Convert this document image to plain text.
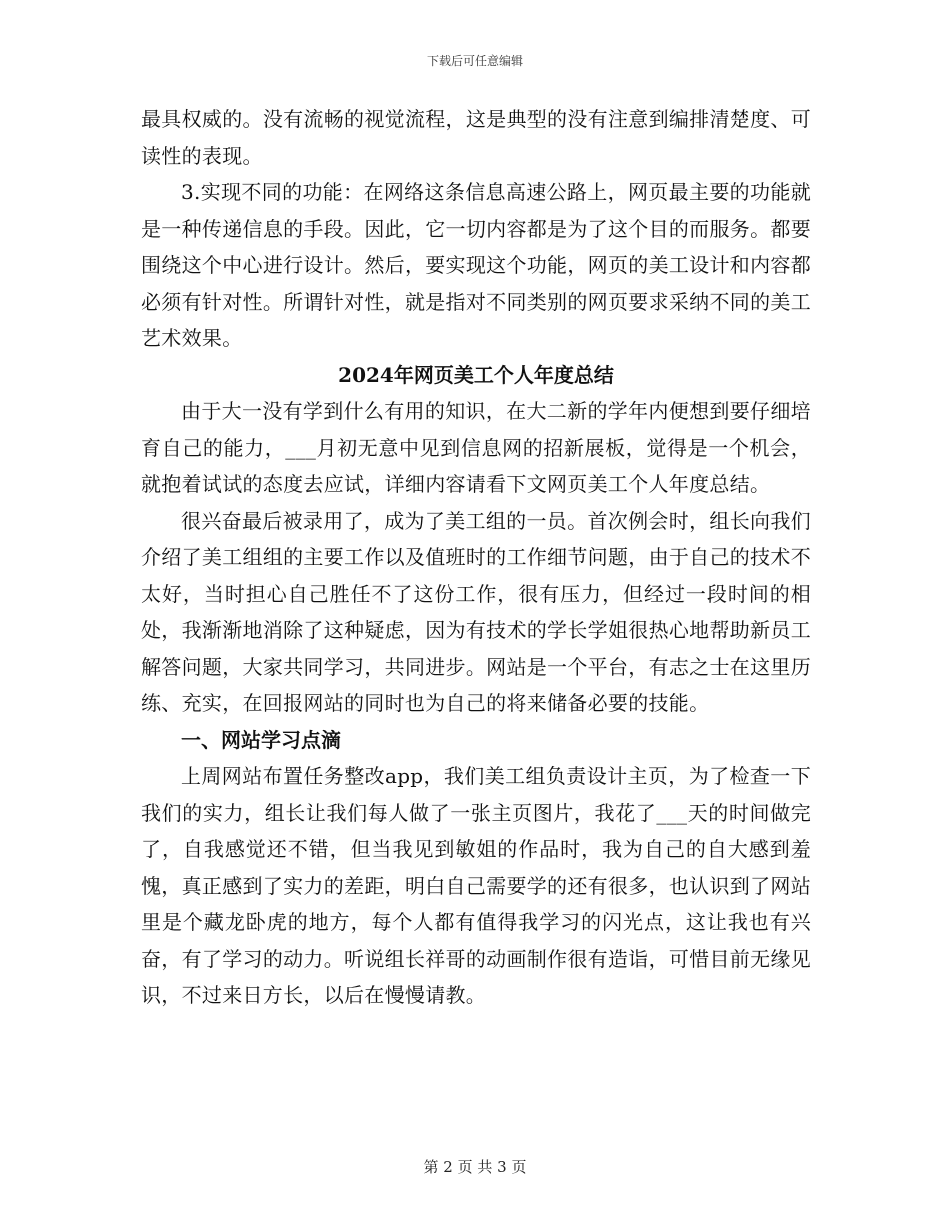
下载后可任意编辑

最具权威的。没有流畅的视觉流程，这是典型的没有注意到编排清楚度、可读性的表现。

3.实现不同的功能：在网络这条信息高速公路上，网页最主要的功能就是一种传递信息的手段。因此，它一切内容都是为了这个目的而服务。都要围绕这个中心进行设计。然后，要实现这个功能，网页的美工设计和内容都必须有针对性。所谓针对性，就是指对不同类别的网页要求采纳不同的美工艺术效果。

2024年网页美工个人年度总结

由于大一没有学到什么有用的知识，在大二新的学年内便想到要仔细培育自己的能力，___月初无意中见到信息网的招新展板，觉得是一个机会，就抱着试试的态度去应试，详细内容请看下文网页美工个人年度总结。

很兴奋最后被录用了，成为了美工组的一员。首次例会时，组长向我们介绍了美工组组的主要工作以及值班时的工作细节问题，由于自己的技术不太好，当时担心自己胜任不了这份工作，很有压力，但经过一段时间的相处，我渐渐地消除了这种疑虑，因为有技术的学长学姐很热心地帮助新员工解答问题，大家共同学习，共同进步。网站是一个平台，有志之士在这里历练、充实，在回报网站的同时也为自己的将来储备必要的技能。

一、网站学习点滴

上周网站布置任务整改app，我们美工组负责设计主页，为了检查一下我们的实力，组长让我们每人做了一张主页图片，我花了___天的时间做完了，自我感觉还不错，但当我见到敏姐的作品时，我为自己的自大感到羞愧，真正感到了实力的差距，明白自己需要学的还有很多，也认识到了网站里是个藏龙卧虎的地方，每个人都有值得我学习的闪光点，这让我也有兴奋，有了学习的动力。听说组长祥哥的动画制作很有造诣，可惜目前无缘见识，不过来日方长，以后在慢慢请教。

第 2 页 共 3 页
